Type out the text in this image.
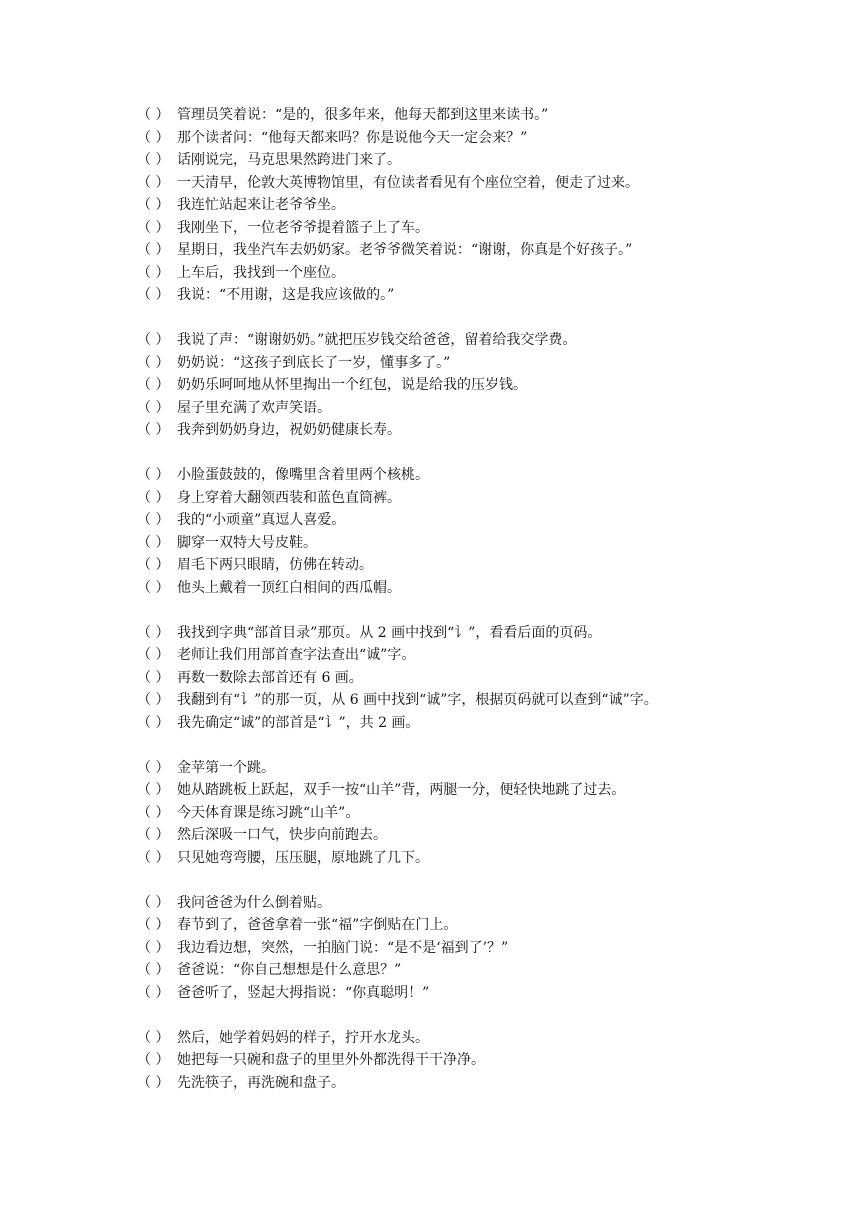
（ ） 管理员笑着说：“是的，很多年来，他每天都到这里来读书。”
（ ） 那个读者问：“他每天都来吗？你是说他今天一定会来？”
（ ） 话刚说完，马克思果然跨进门来了。
（ ） 一天清早，伦敦大英博物馆里，有位读者看见有个座位空着，便走了过来。
（ ） 我连忙站起来让老爷爷坐。
（ ） 我刚坐下，一位老爷爷提着篮子上了车。
（ ） 星期日，我坐汽车去奶奶家。老爷爷微笑着说：“谢谢，你真是个好孩子。”
（ ） 上车后，我找到一个座位。
（ ） 我说：“不用谢，这是我应该做的。”
（ ） 我说了声：“谢谢奶奶。”就把压岁钱交给爸爸，留着给我交学费。
（ ） 奶奶说：“这孩子到底长了一岁，懂事多了。”
（ ） 奶奶乐呵呵地从怀里掏出一个红包，说是给我的压岁钱。
（ ） 屋子里充满了欢声笑语。
（ ） 我奔到奶奶身边，祝奶奶健康长寿。
（ ） 小脸蛋鼓鼓的，像嘴里含着里两个核桃。
（ ） 身上穿着大翻领西装和蓝色直筒裤。
（ ） 我的“小顽童”真逗人喜爱。
（ ） 脚穿一双特大号皮鞋。
（ ） 眉毛下两只眼睛，仿佛在转动。
（ ） 他头上戴着一顶红白相间的西瓜帽。
（ ） 我找到字典“部首目录”那页。从 2 画中找到“讠”，看看后面的页码。
（ ） 老师让我们用部首查字法查出“诚”字。
（ ） 再数一数除去部首还有 6 画。
（ ） 我翻到有“讠”的那一页，从 6 画中找到“诚”字，根据页码就可以查到“诚”字。
（ ） 我先确定“诚”的部首是“讠”，共 2 画。
（ ） 金苹第一个跳。
（ ） 她从踏跳板上跃起，双手一按“山羊”背，两腿一分，便轻快地跳了过去。
（ ） 今天体育课是练习跳“山羊”。
（ ） 然后深吸一口气，快步向前跑去。
（ ） 只见她弯弯腰，压压腿，原地跳了几下。
（ ） 我问爸爸为什么倒着贴。
（ ） 春节到了，爸爸拿着一张“福”字倒贴在门上。
（ ） 我边看边想，突然，一拍脑门说：“是不是‘福到了’？”
（ ） 爸爸说：“你自己想想是什么意思？”
（ ） 爸爸听了，竖起大拇指说：“你真聪明！”
（ ） 然后，她学着妈妈的样子，拧开水龙头。
（ ） 她把每一只碗和盘子的里里外外都洗得干干净净。
（ ） 先洗筷子，再洗碗和盘子。
